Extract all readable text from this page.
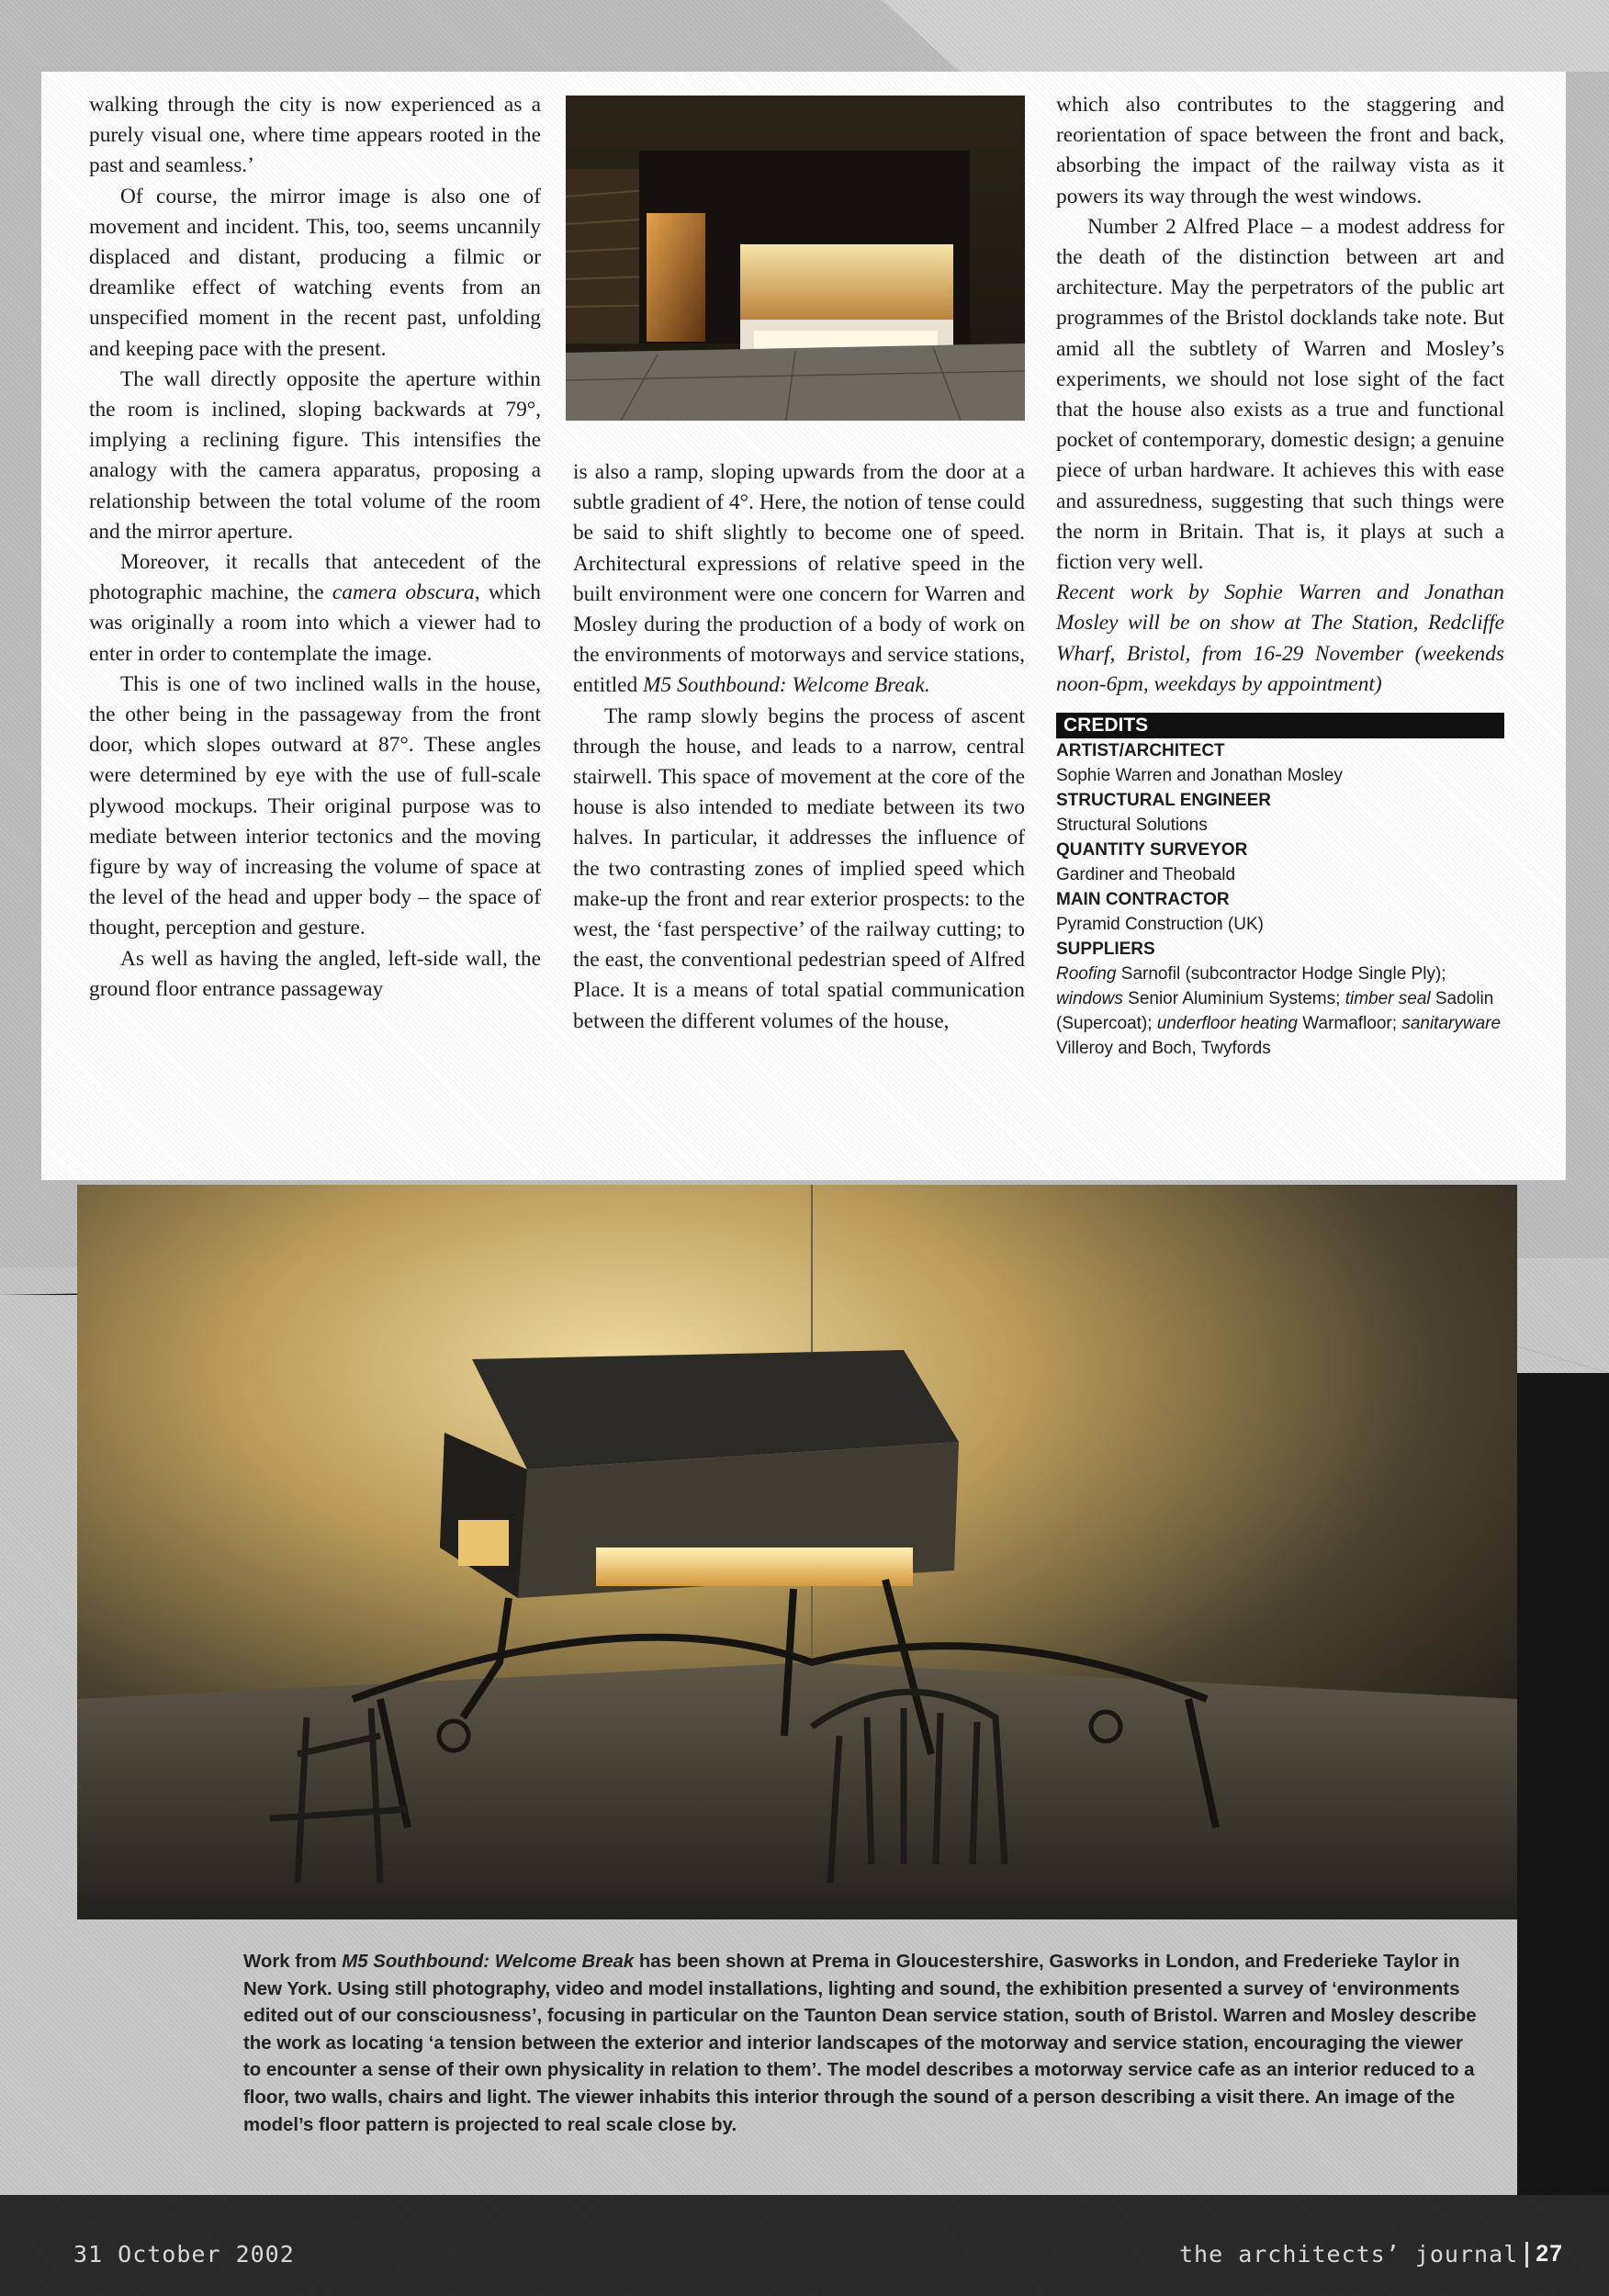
walking through the city is now experienced as a purely visual one, where time appears rooted in the past and seamless.’

Of course, the mirror image is also one of movement and incident. This, too, seems uncannily displaced and distant, producing a filmic or dreamlike effect of watching events from an unspecified moment in the recent past, unfolding and keeping pace with the present.

The wall directly opposite the aperture within the room is inclined, sloping backwards at 79°, implying a reclining figure. This intensifies the analogy with the camera apparatus, proposing a relationship between the total volume of the room and the mirror aperture.

Moreover, it recalls that antecedent of the photographic machine, the camera obscura, which was originally a room into which a viewer had to enter in order to contemplate the image.

This is one of two inclined walls in the house, the other being in the passageway from the front door, which slopes outward at 87°. These angles were determined by eye with the use of full-scale plywood mockups. Their original purpose was to mediate between interior tectonics and the moving figure by way of increasing the volume of space at the level of the head and upper body – the space of thought, perception and gesture.

As well as having the angled, left-side wall, the ground floor entrance passageway

is also a ramp, sloping upwards from the door at a subtle gradient of 4°. Here, the notion of tense could be said to shift slightly to become one of speed. Architectural expressions of relative speed in the built environment were one concern for Warren and Mosley during the production of a body of work on the environments of motorways and service stations, entitled M5 Southbound: Welcome Break.

The ramp slowly begins the process of ascent through the house, and leads to a narrow, central stairwell. This space of movement at the core of the house is also intended to mediate between its two halves. In particular, it addresses the influence of the two contrasting zones of implied speed which make-up the front and rear exterior prospects: to the west, the ‘fast perspective’ of the railway cutting; to the east, the conventional pedestrian speed of Alfred Place. It is a means of total spatial communication between the different volumes of the house,

which also contributes to the staggering and reorientation of space between the front and back, absorbing the impact of the railway vista as it powers its way through the west windows.

Number 2 Alfred Place – a modest address for the death of the distinction between art and architecture. May the perpetrators of the public art programmes of the Bristol docklands take note. But amid all the subtlety of Warren and Mosley’s experiments, we should not lose sight of the fact that the house also exists as a true and functional pocket of contemporary, domestic design; a genuine piece of urban hardware. It achieves this with ease and assuredness, suggesting that such things were the norm in Britain. That is, it plays at such a fiction very well.

Recent work by Sophie Warren and Jonathan Mosley will be on show at The Station, Redcliffe Wharf, Bristol, from 16-29 November (weekends noon-6pm, weekdays by appointment)

CREDITS
ARTIST/ARCHITECT
Sophie Warren and Jonathan Mosley
STRUCTURAL ENGINEER
Structural Solutions
QUANTITY SURVEYOR
Gardiner and Theobald
MAIN CONTRACTOR
Pyramid Construction (UK)
SUPPLIERS
Roofing Sarnofil (subcontractor Hodge Single Ply); windows Senior Aluminium Systems; timber seal Sadolin (Supercoat); underfloor heating Warmafloor; sanitaryware Villeroy and Boch, Twyfords
Work from M5 Southbound: Welcome Break has been shown at Prema in Gloucestershire, Gasworks in London, and Frederieke Taylor in New York. Using still photography, video and model installations, lighting and sound, the exhibition presented a survey of ‘environments edited out of our consciousness’, focusing in particular on the Taunton Dean service station, south of Bristol. Warren and Mosley describe the work as locating ‘a tension between the exterior and interior landscapes of the motorway and service station, encouraging the viewer to encounter a sense of their own physicality in relation to them’. The model describes a motorway service cafe as an interior reduced to a floor, two walls, chairs and light. The viewer inhabits this interior through the sound of a person describing a visit there. An image of the model’s floor pattern is projected to real scale close by.
31 October 2002	the architects’ journal 27
